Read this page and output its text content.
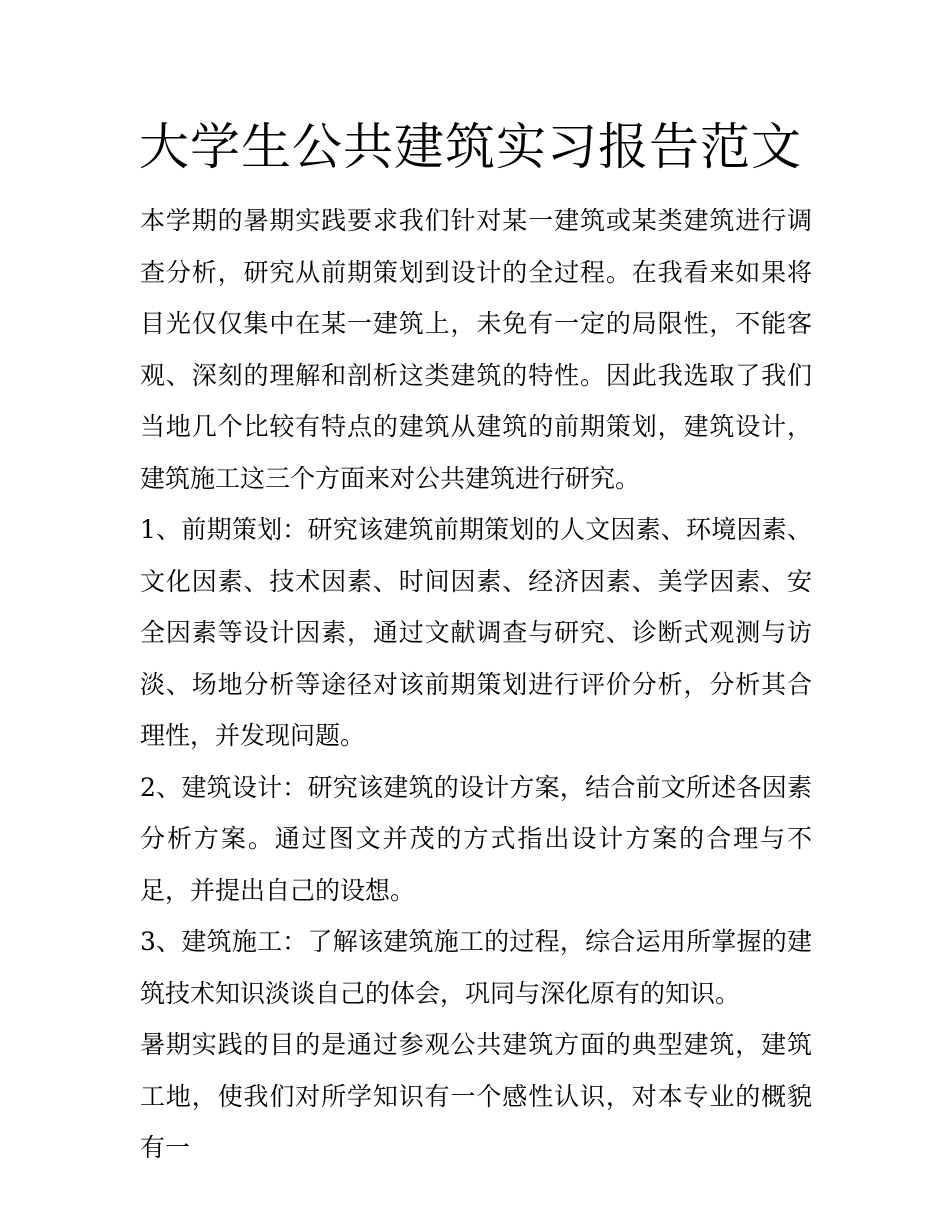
大学生公共建筑实习报告范文

本学期的暑期实践要求我们针对某一建筑或某类建筑进行调查分析，研究从前期策划到设计的全过程。在我看来如果将目光仅仅集中在某一建筑上，未免有一定的局限性，不能客观、深刻的理解和剖析这类建筑的特性。因此我选取了我们当地几个比较有特点的建筑从建筑的前期策划，建筑设计，建筑施工这三个方面来对公共建筑进行研究。

1、前期策划：研究该建筑前期策划的人文因素、环境因素、文化因素、技术因素、时间因素、经济因素、美学因素、安全因素等设计因素，通过文献调查与研究、诊断式观测与访淡、场地分析等途径对该前期策划进行评价分析，分析其合理性，并发现问题。

2、建筑设计：研究该建筑的设计方案，结合前文所述各因素分析方案。通过图文并茂的方式指出设计方案的合理与不足，并提出自己的设想。

3、建筑施工：了解该建筑施工的过程，综合运用所掌握的建筑技术知识淡谈自己的体会，巩同与深化原有的知识。

暑期实践的目的是通过参观公共建筑方面的典型建筑，建筑工地，使我们对所学知识有一个感性认识，对本专业的概貌有一
